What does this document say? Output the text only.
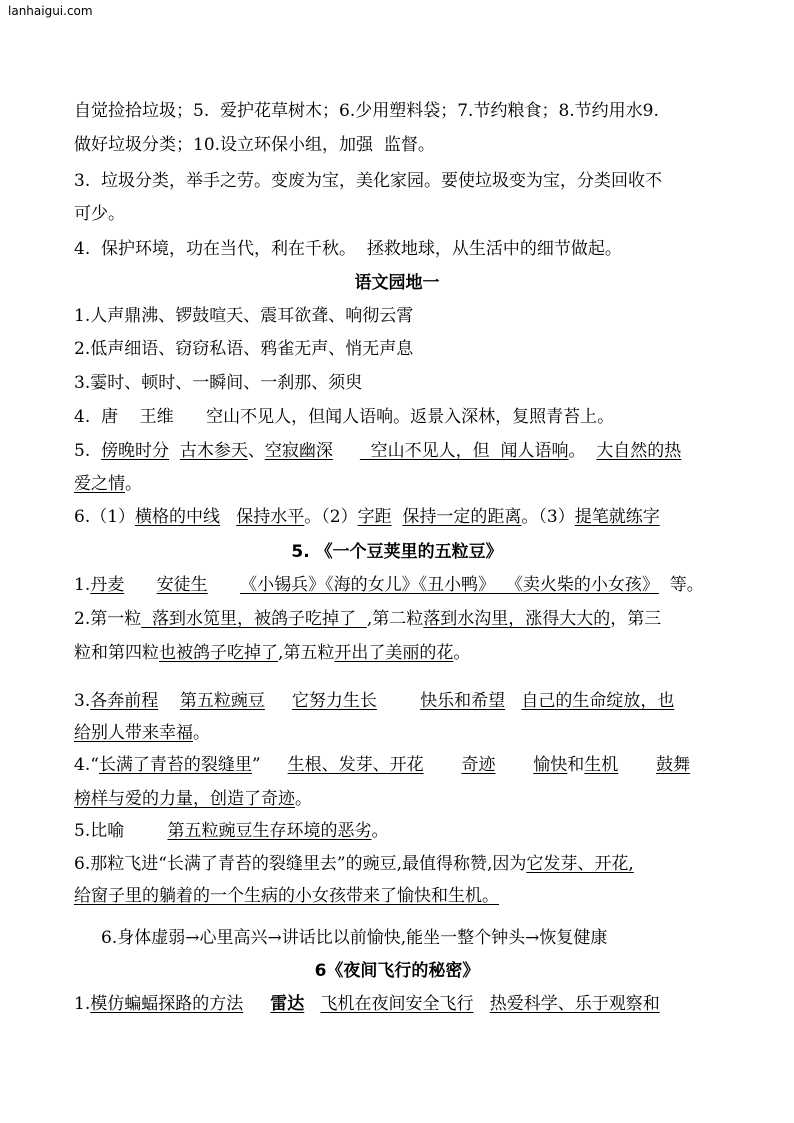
lanhaigui.com
自觉捡拾垃圾；5.  爱护花草树木；6.少用塑料袋；7.节约粮食；8.节约用水9.
做好垃圾分类；10.设立环保小组，加强  监督。
3.  垃圾分类，举手之劳。变废为宝，美化家园。要使垃圾变为宝，分类回收不
可少。
4.  保护环境，功在当代，利在千秋。  拯救地球，从生活中的细节做起。
语文园地一
1.人声鼎沸、锣鼓喧天、震耳欲聋、响彻云霄
2.低声细语、窃窃私语、鸦雀无声、悄无声息
3.霎时、顿时、一瞬间、一刹那、须臾
4.  唐    王维      空山不见人，但闻人语响。返景入深林，复照青苔上。
5.  傍晚时分 古木参天、空寂幽深       空山不见人，但  闻人语响。  大自然的热
爱之情。
6.（1）横格的中线 保持水平。（2）字距 保持一定的距离。（3）提笔就练字
5. 《一个豆荚里的五粒豆》
1.丹麦 安徒生 《小锡兵》《海的女儿》《丑小鸭》  《卖火柴的小女孩》  等。
2.第一粒  落到水笕里，被鸽子吃掉了  ,第二粒落到水沟里，涨得大大的，第三
粒和第四粒也被鸽子吃掉了,第五粒开出了美丽的花。
3.各奔前程 第五粒豌豆 它努力生长	快乐和希望 自己的生命绽放，也
给别人带来幸福。
4.“长满了青苔的裂缝里”     生根、发芽、开花 奇迹 愉快和生机 鼓舞
榜样与爱的力量，创造了奇迹。
5.比喻        第五粒豌豆生存环境的恶劣。
6.那粒飞进“长满了青苔的裂缝里去”的豌豆,最值得称赞,因为它发芽、开花,
给窗子里的躺着的一个生病的小女孩带来了愉快和生机。
6.身体虚弱→心里高兴→讲话比以前愉快,能坐一整个钟头→恢复健康
6《夜间飞行的秘密》
1.模仿蝙蝠探路的方法 雷达 飞机在夜间安全飞行 热爱科学、乐于观察和
